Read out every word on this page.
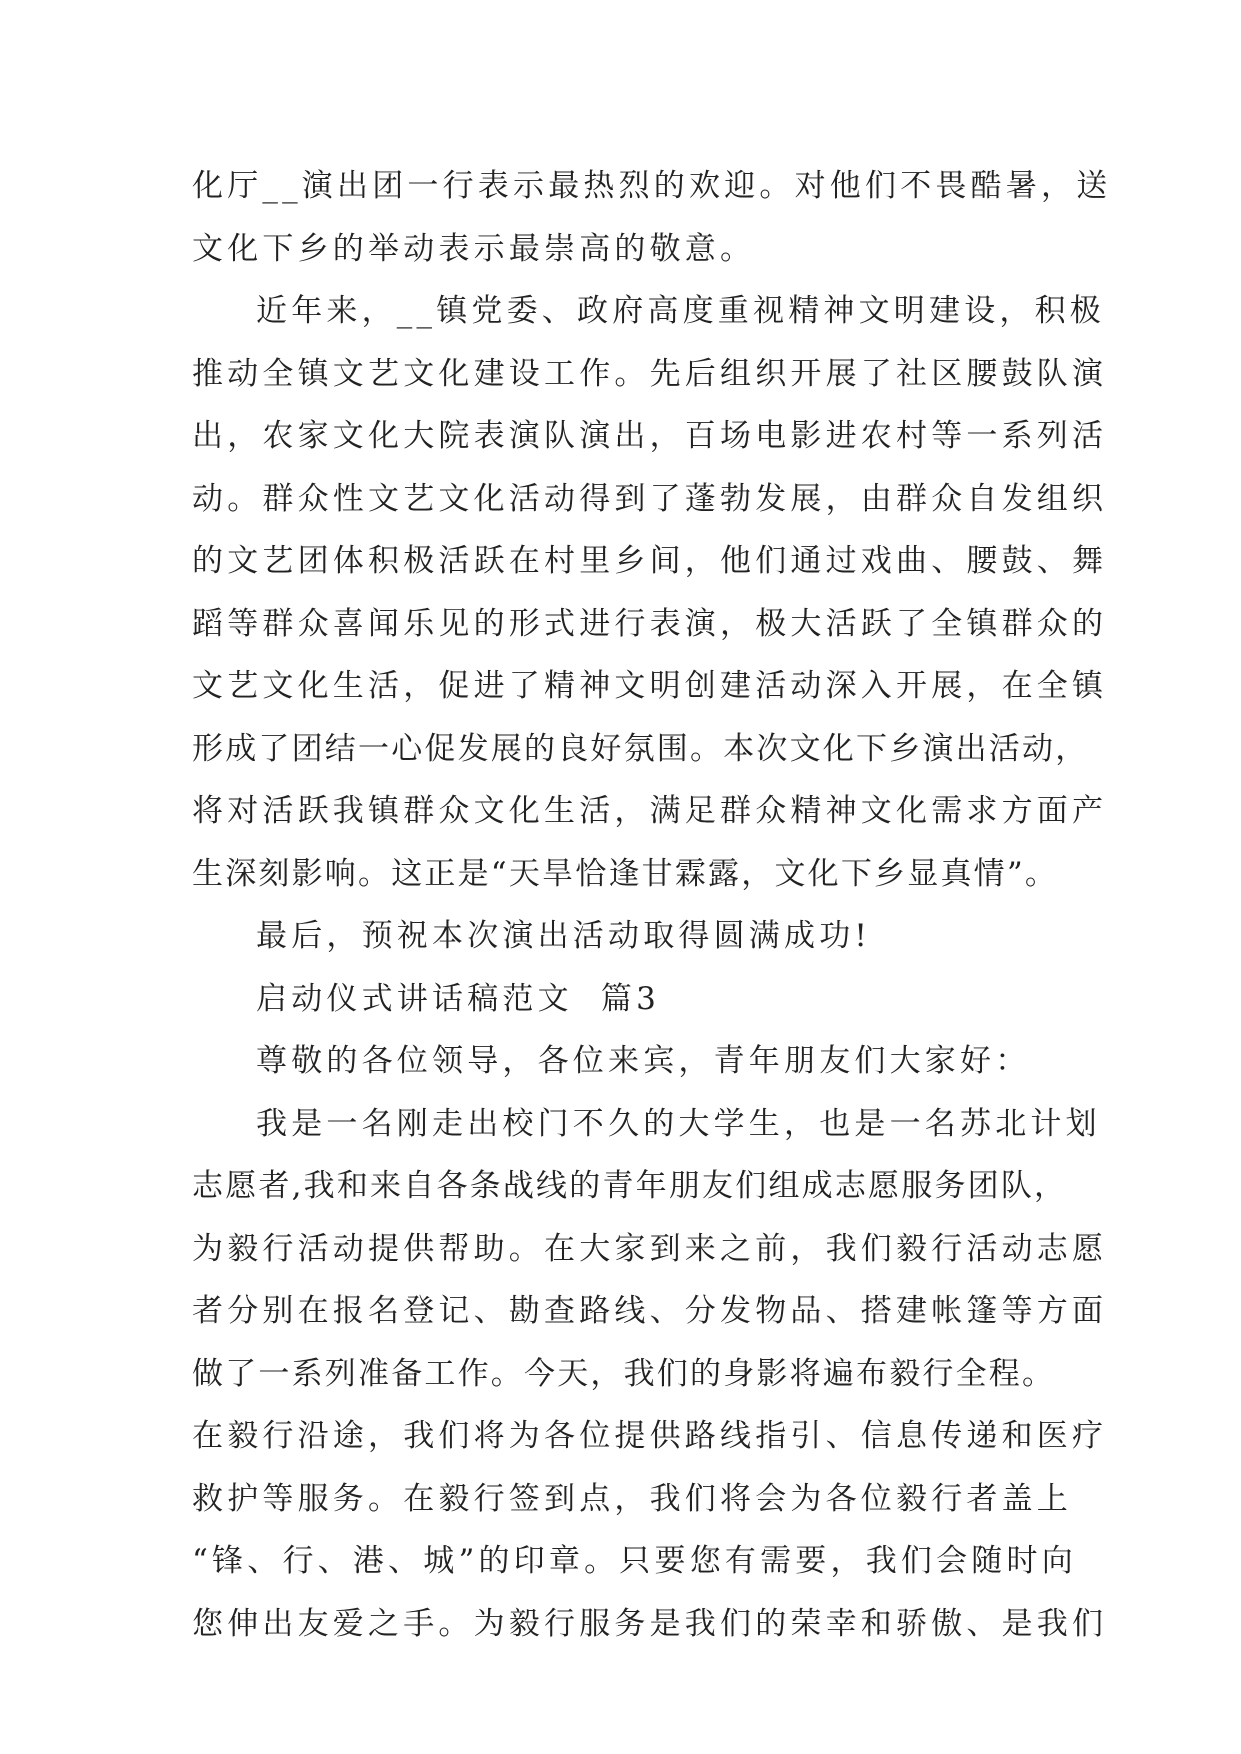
化厅__演出团一行表示最热烈的欢迎。对他们不畏酷暑，送
文化下乡的举动表示最崇高的敬意。
近年来，__镇党委、政府高度重视精神文明建设，积极
推动全镇文艺文化建设工作。先后组织开展了社区腰鼓队演
出，农家文化大院表演队演出，百场电影进农村等一系列活
动。群众性文艺文化活动得到了蓬勃发展，由群众自发组织
的文艺团体积极活跃在村里乡间，他们通过戏曲、腰鼓、舞
蹈等群众喜闻乐见的形式进行表演，极大活跃了全镇群众的
文艺文化生活，促进了精神文明创建活动深入开展，在全镇
形成了团结一心促发展的良好氛围。本次文化下乡演出活动，
将对活跃我镇群众文化生活，满足群众精神文化需求方面产
生深刻影响。这正是“天旱恰逢甘霖露，文化下乡显真情”。
最后，预祝本次演出活动取得圆满成功!
启动仪式讲话稿范文  篇3
尊敬的各位领导，各位来宾，青年朋友们大家好：
我是一名刚走出校门不久的大学生，也是一名苏北计划
志愿者,我和来自各条战线的青年朋友们组成志愿服务团队，
为毅行活动提供帮助。在大家到来之前，我们毅行活动志愿
者分别在报名登记、勘查路线、分发物品、搭建帐篷等方面
做了一系列准备工作。今天，我们的身影将遍布毅行全程。
在毅行沿途，我们将为各位提供路线指引、信息传递和医疗
救护等服务。在毅行签到点，我们将会为各位毅行者盖上
“锋、行、港、城”的印章。只要您有需要，我们会随时向
您伸出友爱之手。为毅行服务是我们的荣幸和骄傲、是我们
